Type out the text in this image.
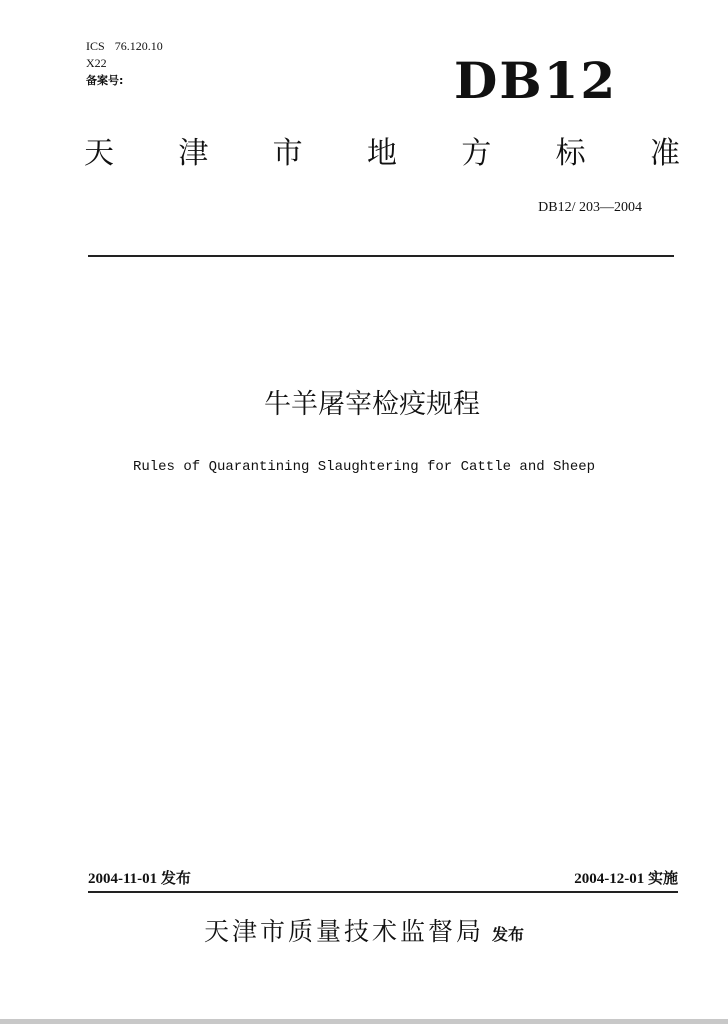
ICS 76.120.10
X22
备案号:	DB12
天 津 市 地 方 标 准
DB12/ 203—2004
牛羊屠宰检疫规程
Rules of Quarantining Slaughtering for Cattle and Sheep
2004-11-01 发布	2004-12-01 实施
天津市质量技术监督局 发布
